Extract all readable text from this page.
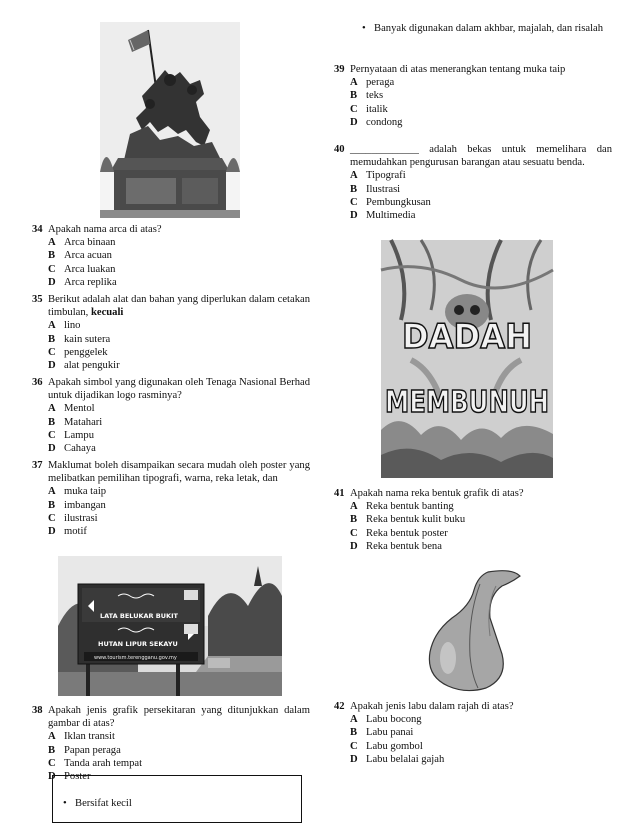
34 Apakah nama arca di atas?
A Arca binaan
B Arca acuan
C Arca luakan
D Arca replika
35 Berikut adalah alat dan bahan yang diperlukan dalam cetakan timbulan, kecuali
A lino
B kain sutera
C penggelek
D alat pengukir
36 Apakah simbol yang digunakan oleh Tenaga Nasional Berhad untuk dijadikan logo rasminya?
A Mentol
B Matahari
C Lampu
D Cahaya
37 Maklumat boleh disampaikan secara mudah oleh poster yang melibatkan pemilihan tipografi, warna, reka letak, dan
A muka taip
B imbangan
C ilustrasi
D motif
LATA BELUKAR BUKIT
HUTAN LIPUR SEKAYU
www.tourism.terengganu.gov.my
38 Apakah jenis grafik persekitaran yang ditunjukkan dalam gambar di atas?
A Iklan transit
B Papan peraga
C Tanda arah tempat
D Poster
• Bersifat kecil
• Banyak digunakan dalam akhbar, majalah, dan risalah
39 Pernyataan di atas menerangkan tentang muka taip
A peraga
B teks
C italik
D condong
40 _____________ adalah bekas untuk memelihara dan memudahkan pengurusan barangan atau sesuatu benda.
A Tipografi
B Ilustrasi
C Pembungkusan
D Multimedia
DADAH
MEMBUNUH
41 Apakah nama reka bentuk grafik di atas?
A Reka bentuk banting
B Reka bentuk kulit buku
C Reka bentuk poster
D Reka bentuk bena
42 Apakah jenis labu dalam rajah di atas?
A Labu bocong
B Labu panai
C Labu gombol
D Labu belalai gajah
